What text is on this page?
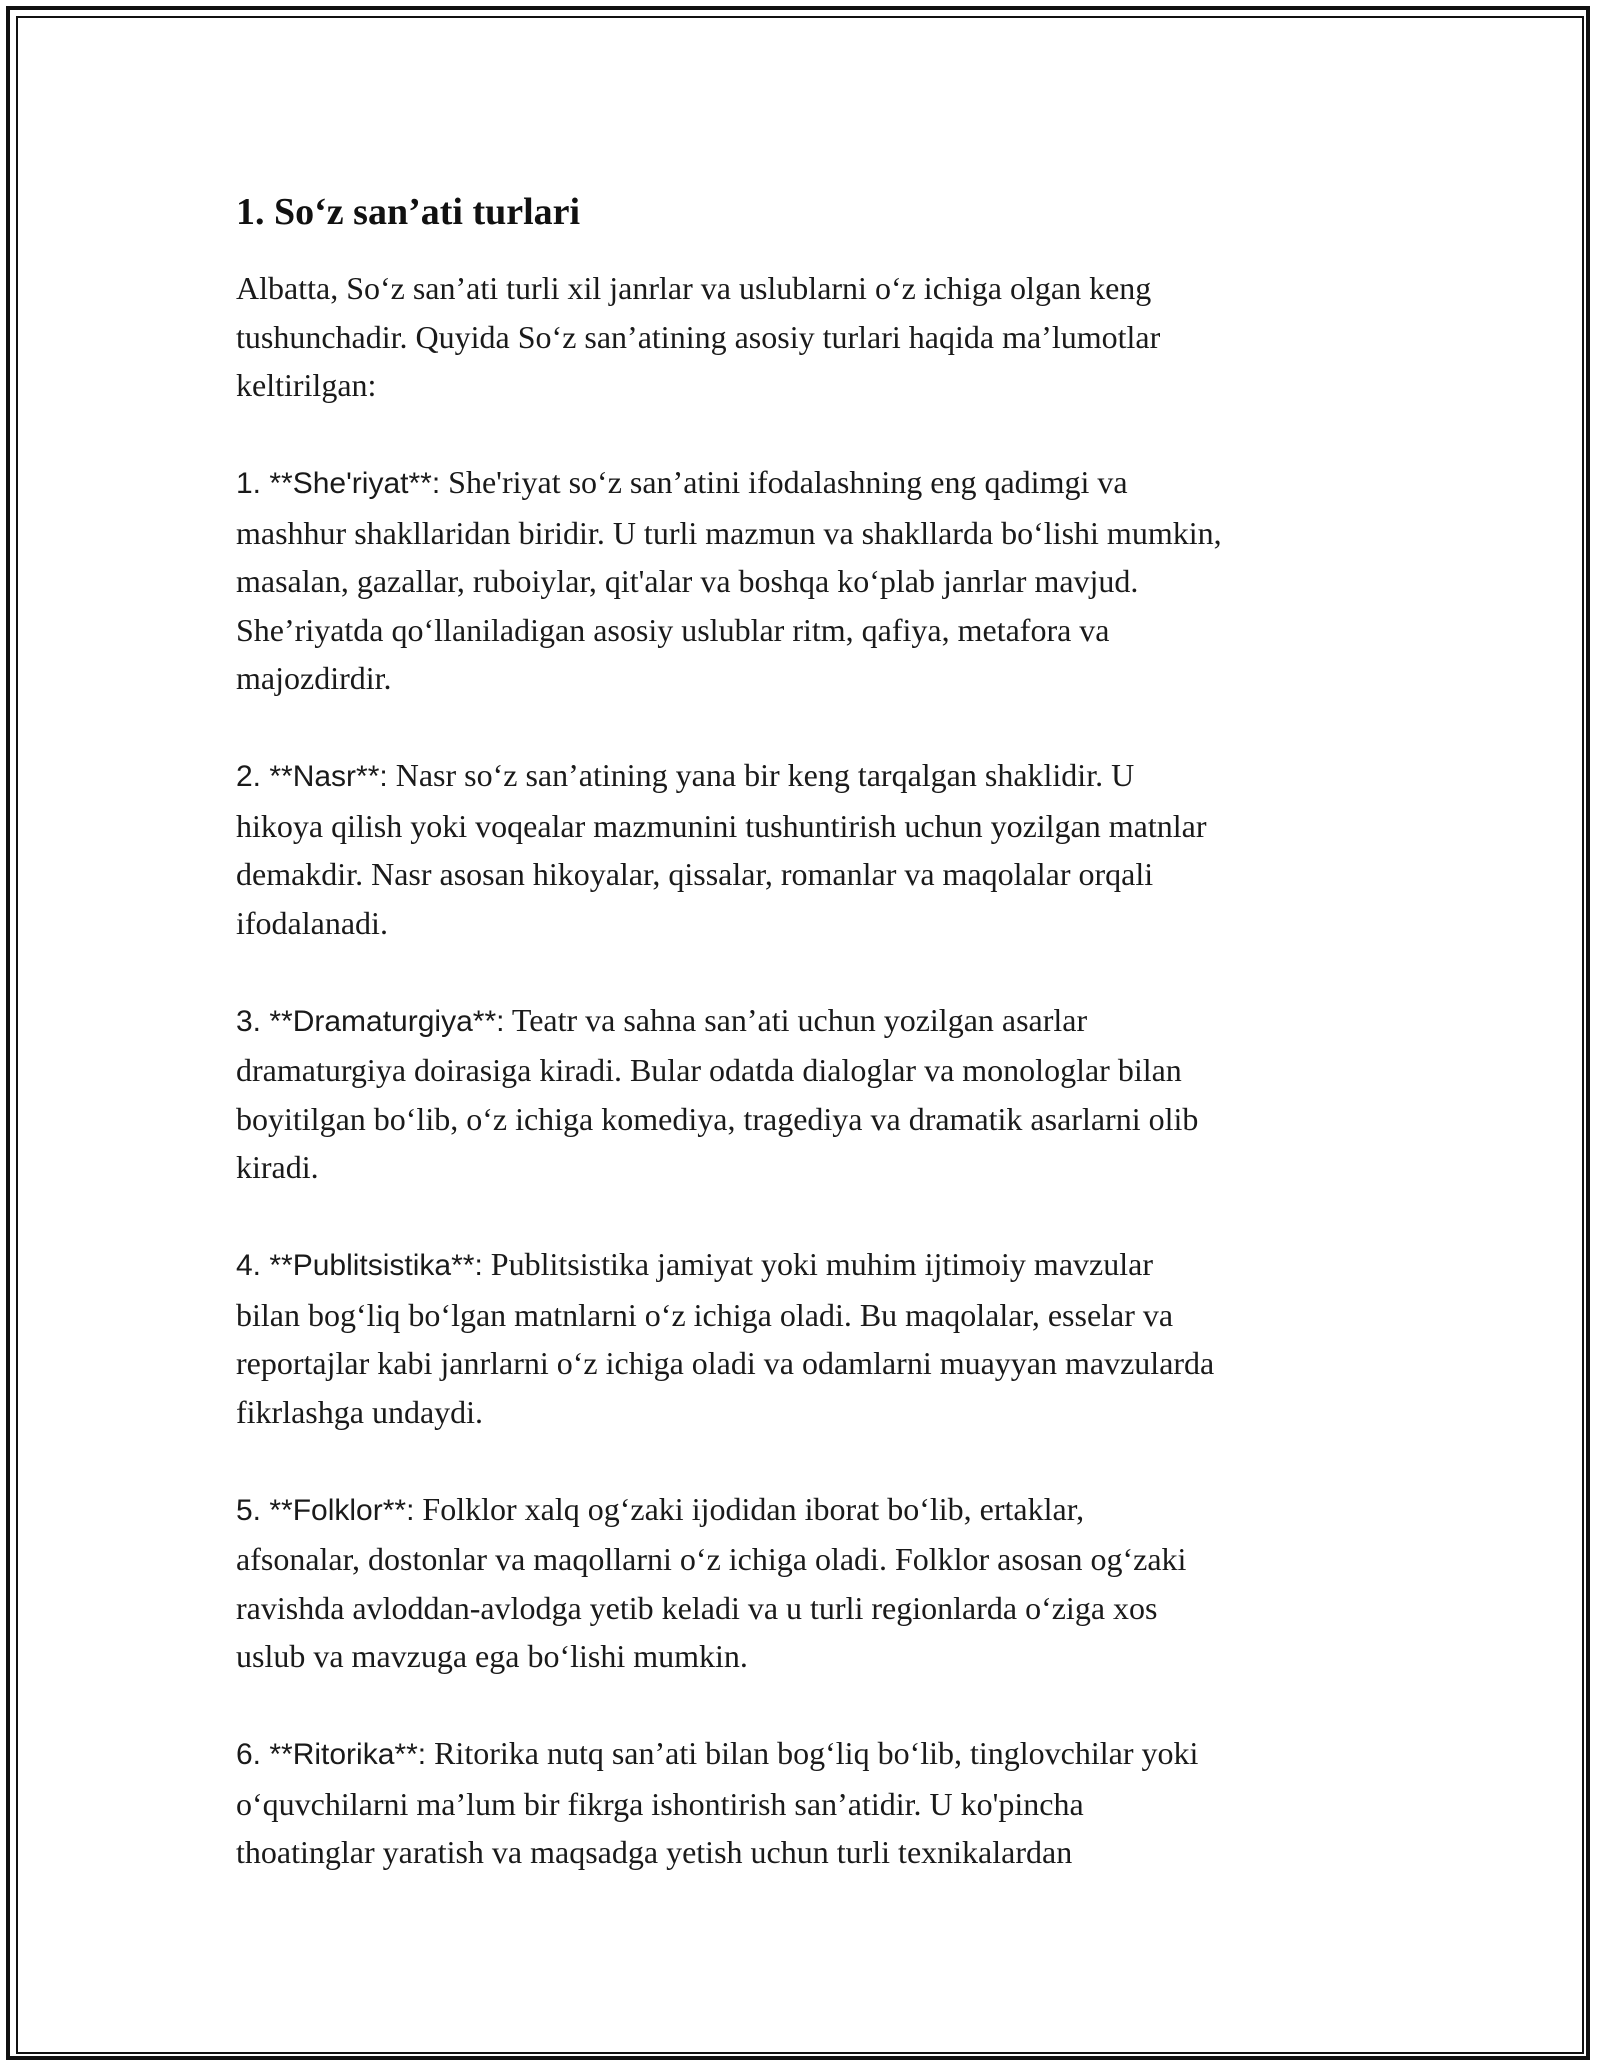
1. So‘z san’ati turlari

Albatta, So‘z san’ati turli xil janrlar va uslublarni o‘z ichiga olgan keng
tushunchadir. Quyida So‘z san’atining asosiy turlari haqida ma’lumotlar
keltirilgan:

1. **She'riyat**: She'riyat so‘z san’atini ifodalashning eng qadimgi va
mashhur shakllaridan biridir. U turli mazmun va shakllarda bo‘lishi mumkin,
masalan, gazallar, ruboiylar, qit'alar va boshqa ko‘plab janrlar mavjud.
She’riyatda qo‘llaniladigan asosiy uslublar ritm, qafiya, metafora va
majozdirdir.

2. **Nasr**: Nasr so‘z san’atining yana bir keng tarqalgan shaklidir. U
hikoya qilish yoki voqealar mazmunini tushuntirish uchun yozilgan matnlar
demakdir. Nasr asosan hikoyalar, qissalar, romanlar va maqolalar orqali
ifodalanadi.

3. **Dramaturgiya**: Teatr va sahna san’ati uchun yozilgan asarlar
dramaturgiya doirasiga kiradi. Bular odatda dialoglar va monologlar bilan
boyitilgan bo‘lib, o‘z ichiga komediya, tragediya va dramatik asarlarni olib
kiradi.

4. **Publitsistika**: Publitsistika jamiyat yoki muhim ijtimoiy mavzular
bilan bog‘liq bo‘lgan matnlarni o‘z ichiga oladi. Bu maqolalar, esselar va
reportajlar kabi janrlarni o‘z ichiga oladi va odamlarni muayyan mavzularda
fikrlashga undaydi.

5. **Folklor**: Folklor xalq og‘zaki ijodidan iborat bo‘lib, ertaklar,
afsonalar, dostonlar va maqollarni o‘z ichiga oladi. Folklor asosan og‘zaki
ravishda avloddan-avlodga yetib keladi va u turli regionlarda o‘ziga xos
uslub va mavzuga ega bo‘lishi mumkin.

6. **Ritorika**: Ritorika nutq san’ati bilan bog‘liq bo‘lib, tinglovchilar yoki
o‘quvchilarni ma’lum bir fikrga ishontirish san’atidir. U ko'pincha
thoatinglar yaratish va maqsadga yetish uchun turli texnikalardan
